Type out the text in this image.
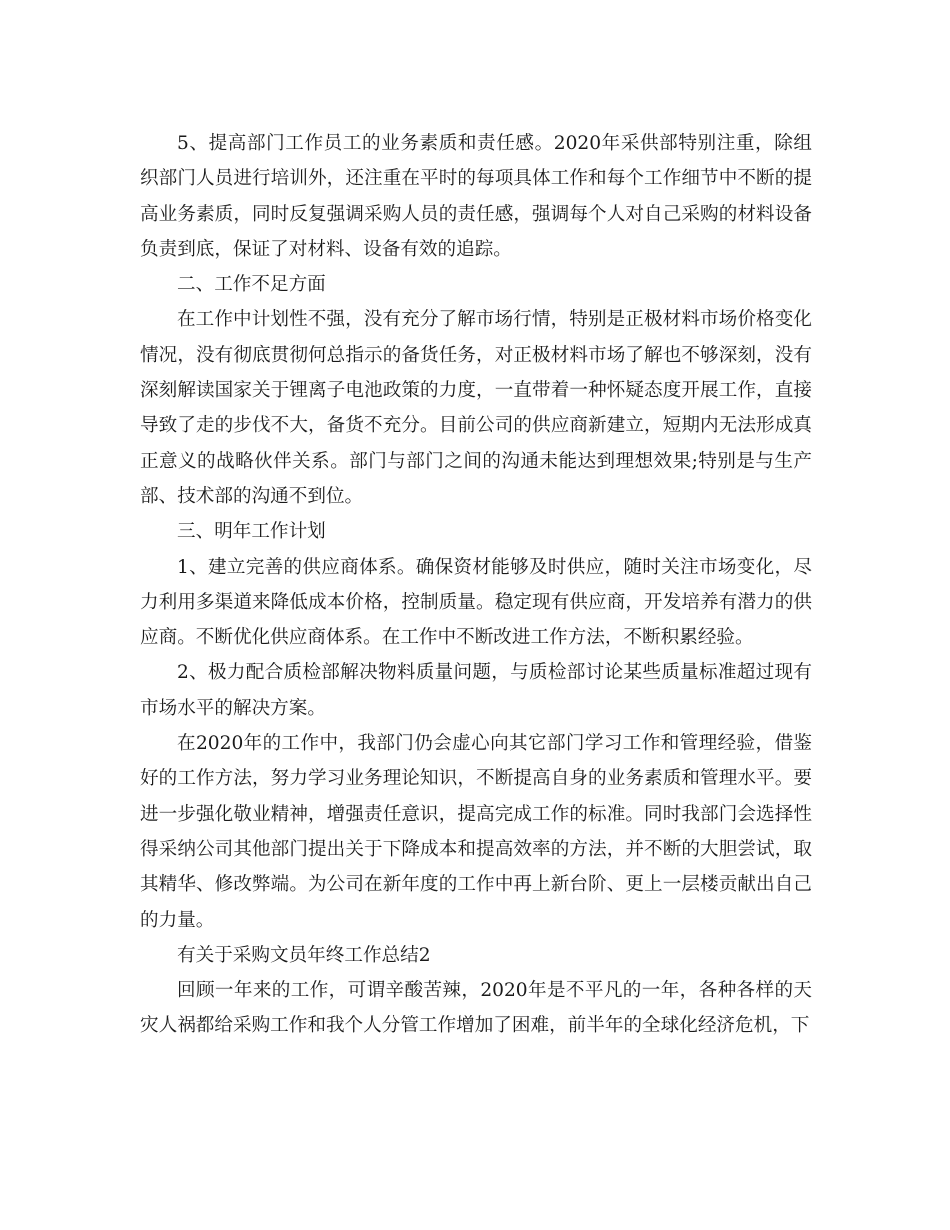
5、提高部门工作员工的业务素质和责任感。2020年采供部特别注重，除组织部门人员进行培训外，还注重在平时的每项具体工作和每个工作细节中不断的提高业务素质，同时反复强调采购人员的责任感，强调每个人对自己采购的材料设备负责到底，保证了对材料、设备有效的追踪。

二、工作不足方面

在工作中计划性不强，没有充分了解市场行情，特别是正极材料市场价格变化情况，没有彻底贯彻何总指示的备货任务，对正极材料市场了解也不够深刻，没有深刻解读国家关于锂离子电池政策的力度，一直带着一种怀疑态度开展工作，直接导致了走的步伐不大，备货不充分。目前公司的供应商新建立，短期内无法形成真正意义的战略伙伴关系。部门与部门之间的沟通未能达到理想效果;特别是与生产部、技术部的沟通不到位。

三、明年工作计划

1、建立完善的供应商体系。确保资材能够及时供应，随时关注市场变化，尽力利用多渠道来降低成本价格，控制质量。稳定现有供应商，开发培养有潜力的供应商。不断优化供应商体系。在工作中不断改进工作方法，不断积累经验。

2、极力配合质检部解决物料质量问题，与质检部讨论某些质量标准超过现有市场水平的解决方案。

在2020年的工作中，我部门仍会虚心向其它部门学习工作和管理经验，借鉴好的工作方法，努力学习业务理论知识，不断提高自身的业务素质和管理水平。要进一步强化敬业精神，增强责任意识，提高完成工作的标准。同时我部门会选择性得采纳公司其他部门提出关于下降成本和提高效率的方法，并不断的大胆尝试，取其精华、修改弊端。为公司在新年度的工作中再上新台阶、更上一层楼贡献出自己的力量。

有关于采购文员年终工作总结2

回顾一年来的工作，可谓辛酸苦辣，2020年是不平凡的一年，各种各样的天灾人祸都给采购工作和我个人分管工作增加了困难，前半年的全球化经济危机，下
